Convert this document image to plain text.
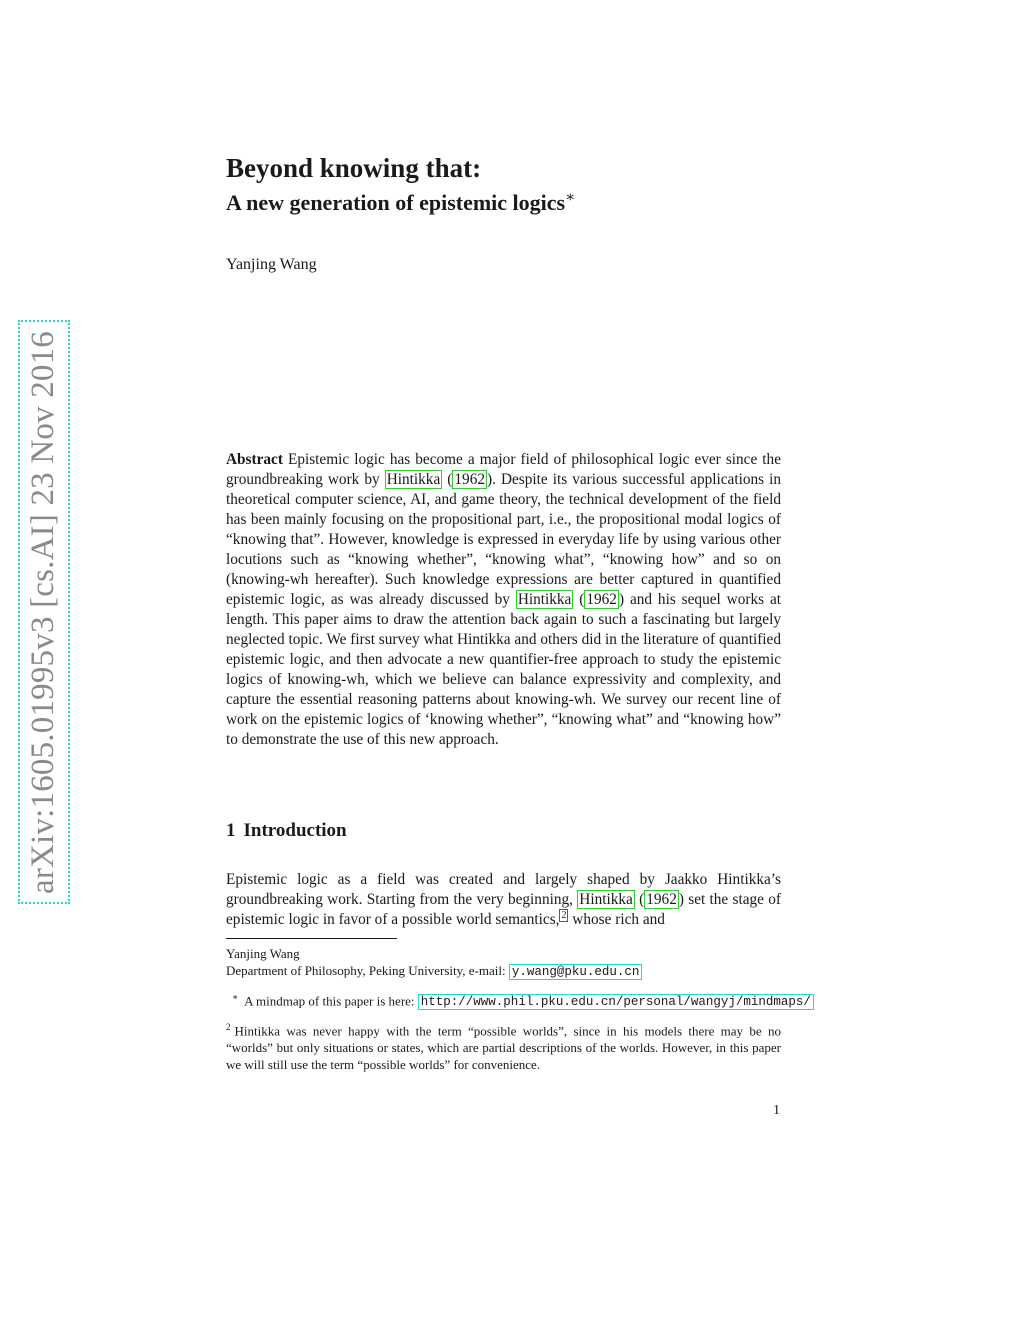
arXiv:1605.01995v3 [cs.AI] 23 Nov 2016
Beyond knowing that:
A new generation of epistemic logics∗
Yanjing Wang

Abstract Epistemic logic has become a major field of philosophical logic ever since the groundbreaking work by Hintikka ( 1962 ). Despite its various successful applications in theoretical computer science, AI, and game theory, the technical development of the field has been mainly focusing on the propositional part, i.e., the propositional modal logics of “knowing that”. However, knowledge is expressed in everyday life by using various other locutions such as “knowing whether”, “knowing what”, “knowing how” and so on (knowing-wh hereafter). Such knowledge expressions are better captured in quantified epistemic logic, as was already discussed by Hintikka ( 1962 ) and his sequel works at length. This paper aims to draw the attention back again to such a fascinating but largely neglected topic. We first survey what Hintikka and others did in the literature of quantified epistemic logic, and then advocate a new quantifier-free approach to study the epistemic logics of knowing-wh, which we believe can balance expressivity and complexity, and capture the essential reasoning patterns about knowing-wh. We survey our recent line of work on the epistemic logics of ‘knowing whether”, “knowing what” and “knowing how” to demonstrate the use of this new approach.

1 Introduction

Epistemic logic as a field was created and largely shaped by Jaakko Hintikka’s groundbreaking work. Starting from the very beginning, Hintikka ( 1962 ) set the stage of epistemic logic in favor of a possible world semantics, $^2$ whose rich and

Yanjing Wang
Department of Philosophy, Peking University, e-mail: y.wang@pku.edu.cn
∗ A mindmap of this paper is here: http://www.phil.pku.edu.cn/personal/wangyj/mindmaps/

$^2$ Hintikka was never happy with the term “possible worlds”, since in his models there may be no “worlds” but only situations or states, which are partial descriptions of the worlds. However, in this paper we will still use the term “possible worlds” for convenience.

1
